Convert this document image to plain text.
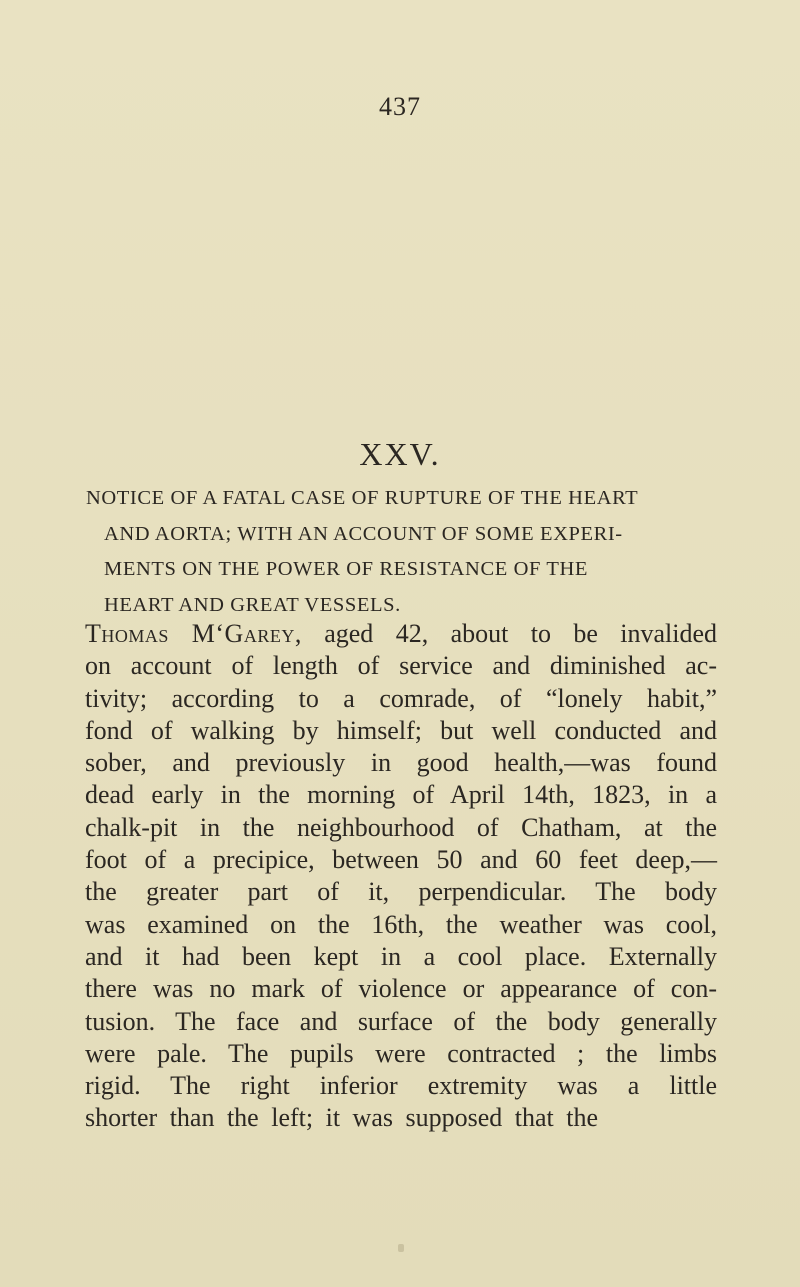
437
XXV.
NOTICE OF A FATAL CASE OF RUPTURE OF THE HEART
AND AORTA; WITH AN ACCOUNT OF SOME EXPERI-
MENTS ON THE POWER OF RESISTANCE OF THE
HEART AND GREAT VESSELS.
Thomas M‘Garey, aged 42, about to be invalided
on account of length of service and diminished ac-
tivity; according to a comrade, of “lonely habit,”
fond of walking by himself; but well conducted and
sober, and previously in good health,—was found
dead early in the morning of April 14th, 1823, in a
chalk-pit in the neighbourhood of Chatham, at the
foot of a precipice, between 50 and 60 feet deep,—
the greater part of it, perpendicular. The body
was examined on the 16th, the weather was cool,
and it had been kept in a cool place. Externally
there was no mark of violence or appearance of con-
tusion. The face and surface of the body generally
were pale. The pupils were contracted ; the limbs
rigid. The right inferior extremity was a little
shorter than the left; it was supposed that the
